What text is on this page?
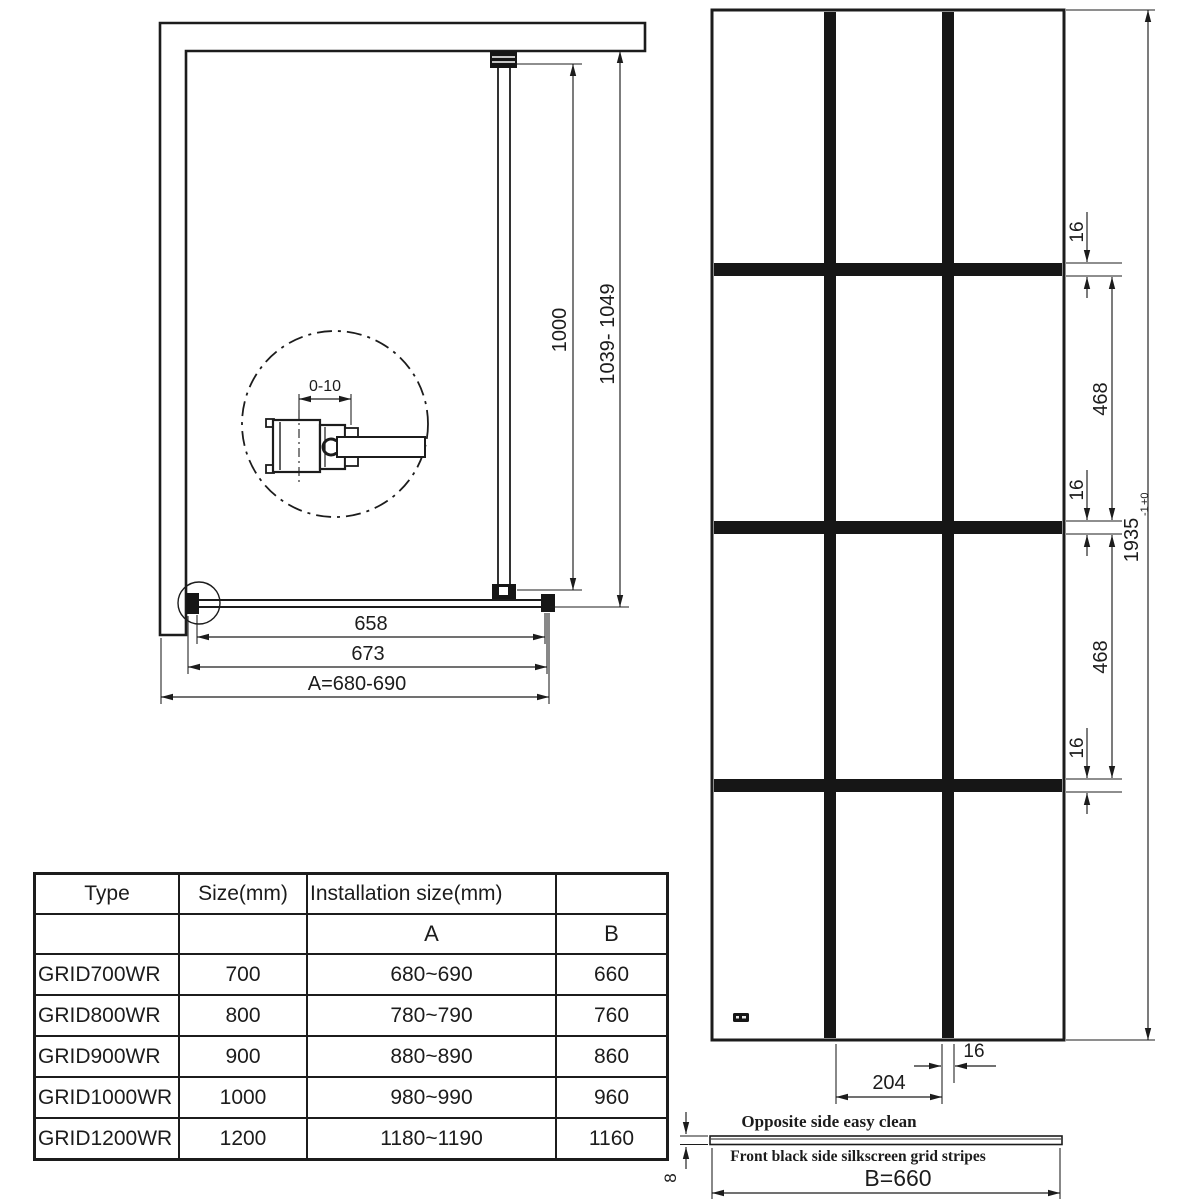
0-10
1000 1039- 1049
658
673
A=680-690
16
16
16
468
468
1935
-1
+0
16
204
Opposite side easy clean
8
Front black side silkscreen grid stripes
B=660
Type	Size(mm)	Installation size(mm)	
		A	B
GRID700WR	700	680~690	660
GRID800WR	800	780~790	760
GRID900WR	900	880~890	860
GRID1000WR	1000	980~990	960
GRID1200WR	1200	1180~1190	1160
